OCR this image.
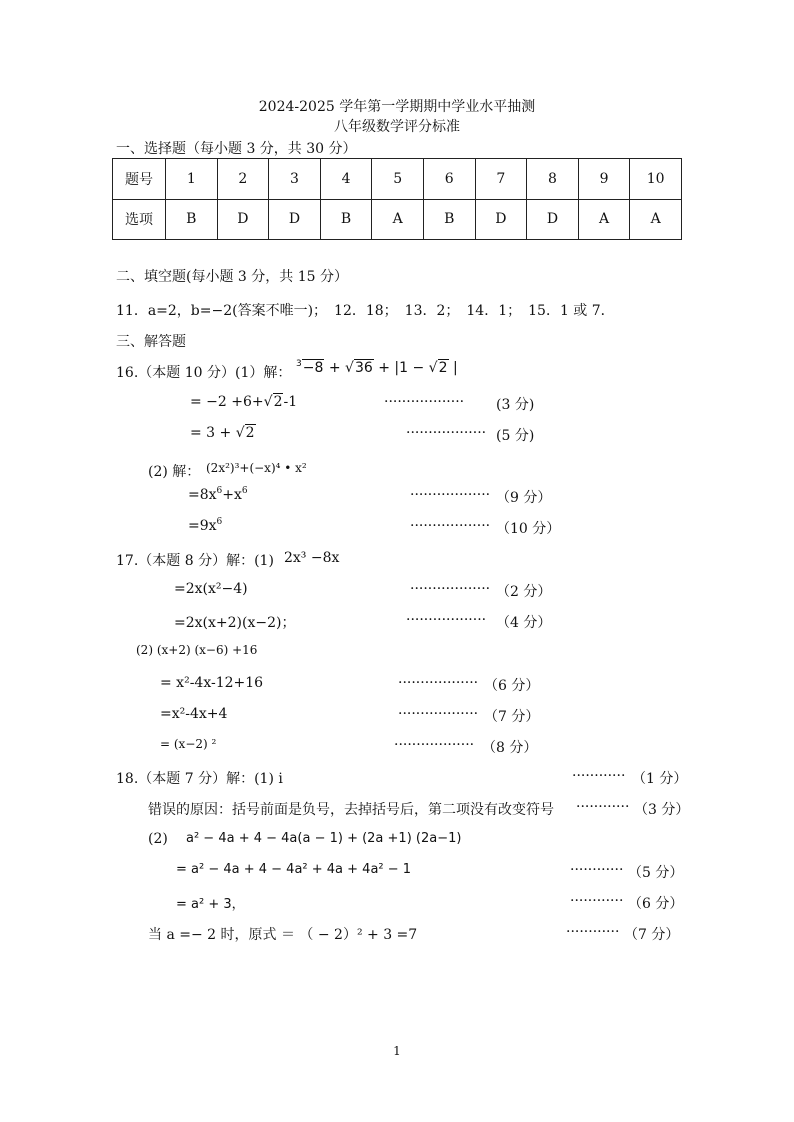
2024-2025 学年第一学期期中学业水平抽测
八年级数学评分标准
一、选择题（每小题 3 分，共 30 分）
题号	1	2	3	4	5	6	7	8	9	10
选项	B	D	D	B	A	B	D	D	A	A
二、填空题(每小题 3 分，共 15 分）
11．a=2，b=−2(答案不唯一)；　12．18；　13．2；　14．1；　15．1 或 7．
三、解答题
16.（本题 10 分）(1）解：
$^3$−8 + √36 + |1 − √2 |
= −2 +6+√2-1	·················· (3 分)
= 3 + √2	·················· (5 分)
(2) 解： (2x²)³+(−x)⁴ • x²
$=8x^6+x^6$	·················· （9 分）
$=9x^6$	·················· （10 分）
17.（本题 8 分）解：(1) 2x³ −8x
=2x(x²−4)	·················· （2 分）
=2x(x+2)(x−2)；	·················· （4 分）
(2) (x+2) (x−6) +16
= x²-4x-12+16	·················· （6 分）
=x²-4x+4	·················· （7 分）
= (x−2) ²	·················· （8 分）
18.（本题 7 分）解：(1) ⅰ	············ （1 分）
错误的原因：括号前面是负号，去掉括号后，第二项没有改变符号 ············ （3 分）
(2) a² − 4a + 4 − 4a(a − 1) + (2a +1) (2a−1)
= a² − 4a + 4 − 4a² + 4a + 4a² − 1	············ （5 分）
= a² + 3，	············ （6 分）
当 a =− 2 时，原式 ＝ （ − 2）² + 3 =7	············ （7 分）
1
